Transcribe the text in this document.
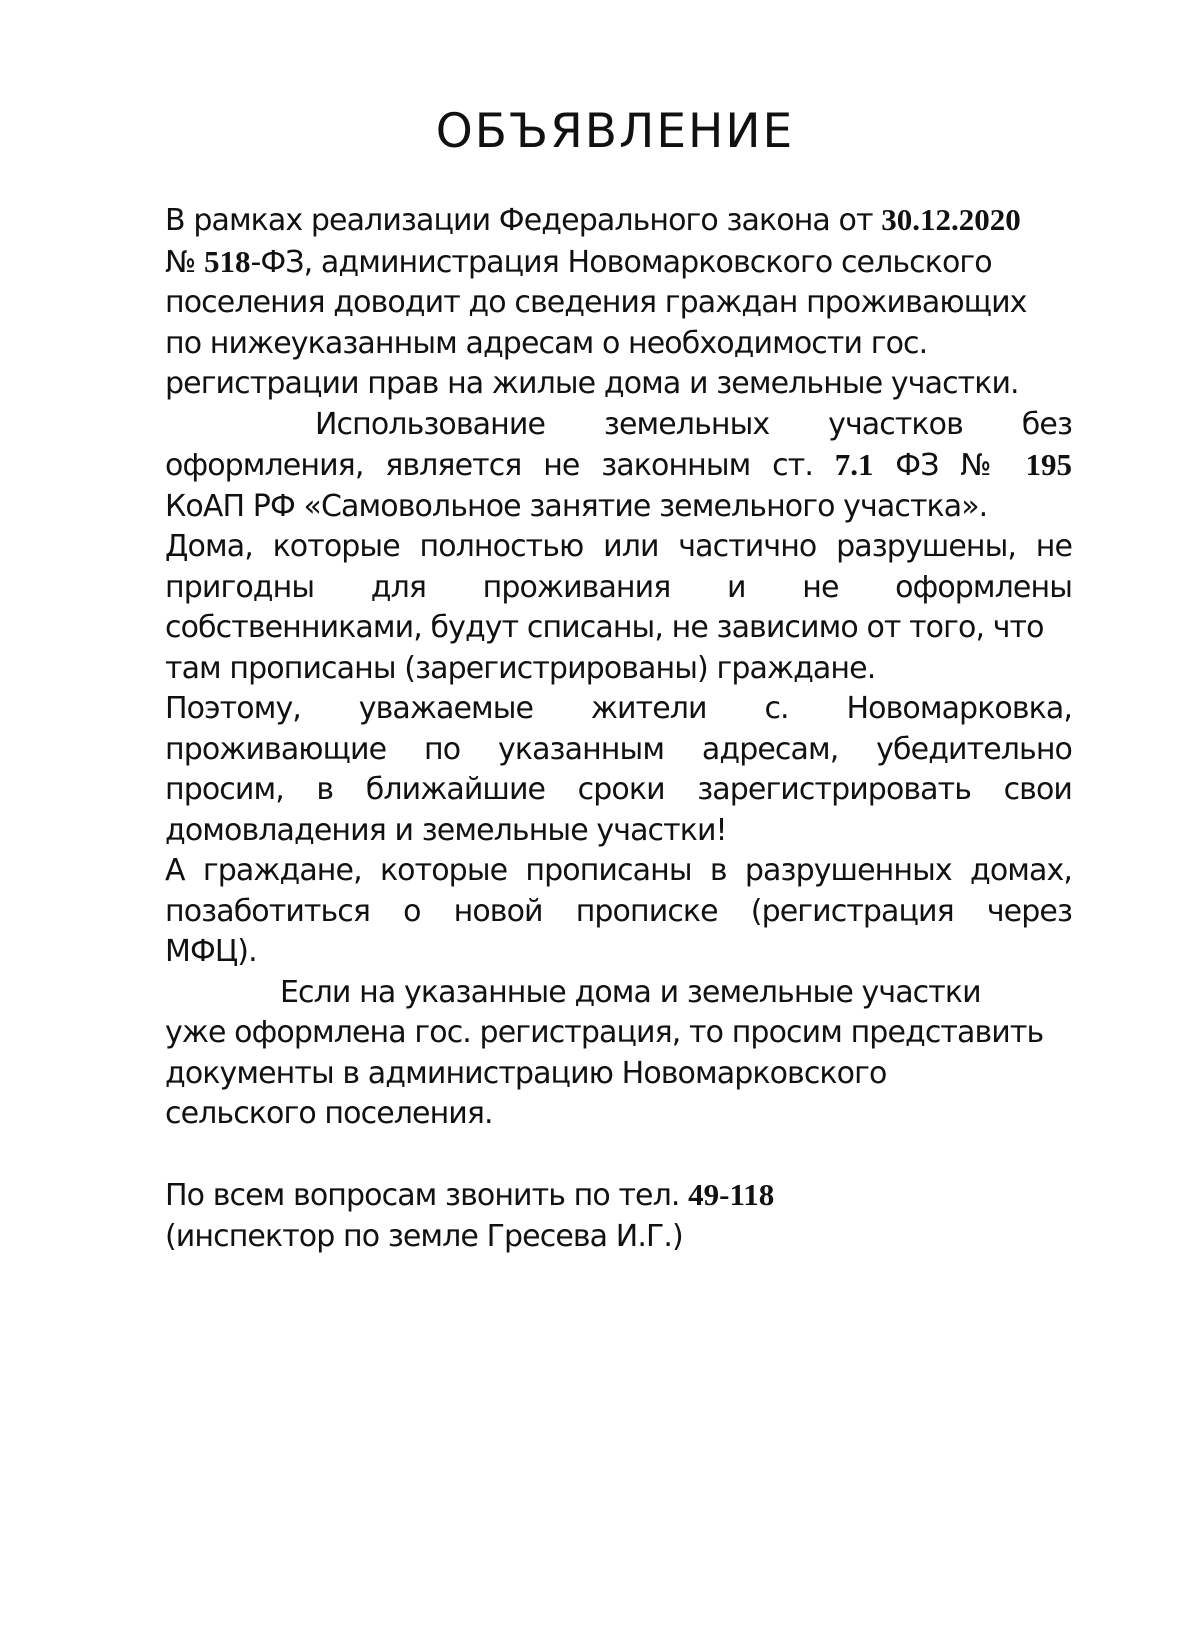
ОБЪЯВЛЕНИЕ

В рамках реализации Федерального закона от 30.12.2020

№ 518-ФЗ, администрация Новомарковского сельского

поселения доводит до сведения граждан проживающих

по нижеуказанным адресам о необходимости гос.

регистрации прав на жилые дома и земельные участки.

Использование земельных участков без

оформления, является не законным ст. 7.1 ФЗ № 195

КоАП РФ «Самовольное занятие земельного участка».

Дома, которые полностью или частично разрушены, не

пригодны для проживания и не оформлены

собственниками, будут списаны, не зависимо от того, что

там прописаны (зарегистрированы) граждане.

Поэтому, уважаемые жители с. Новомарковка,

проживающие по указанным адресам, убедительно

просим, в ближайшие сроки зарегистрировать свои

домовладения и земельные участки!

А граждане, которые прописаны в разрушенных домах,

позаботиться о новой прописке (регистрация через

МФЦ).

Если на указанные дома и земельные участки

уже оформлена гос. регистрация, то просим представить

документы в администрацию Новомарковского

сельского поселения.

По всем вопросам звонить по тел. 49-118

(инспектор по земле Гресева И.Г.)
